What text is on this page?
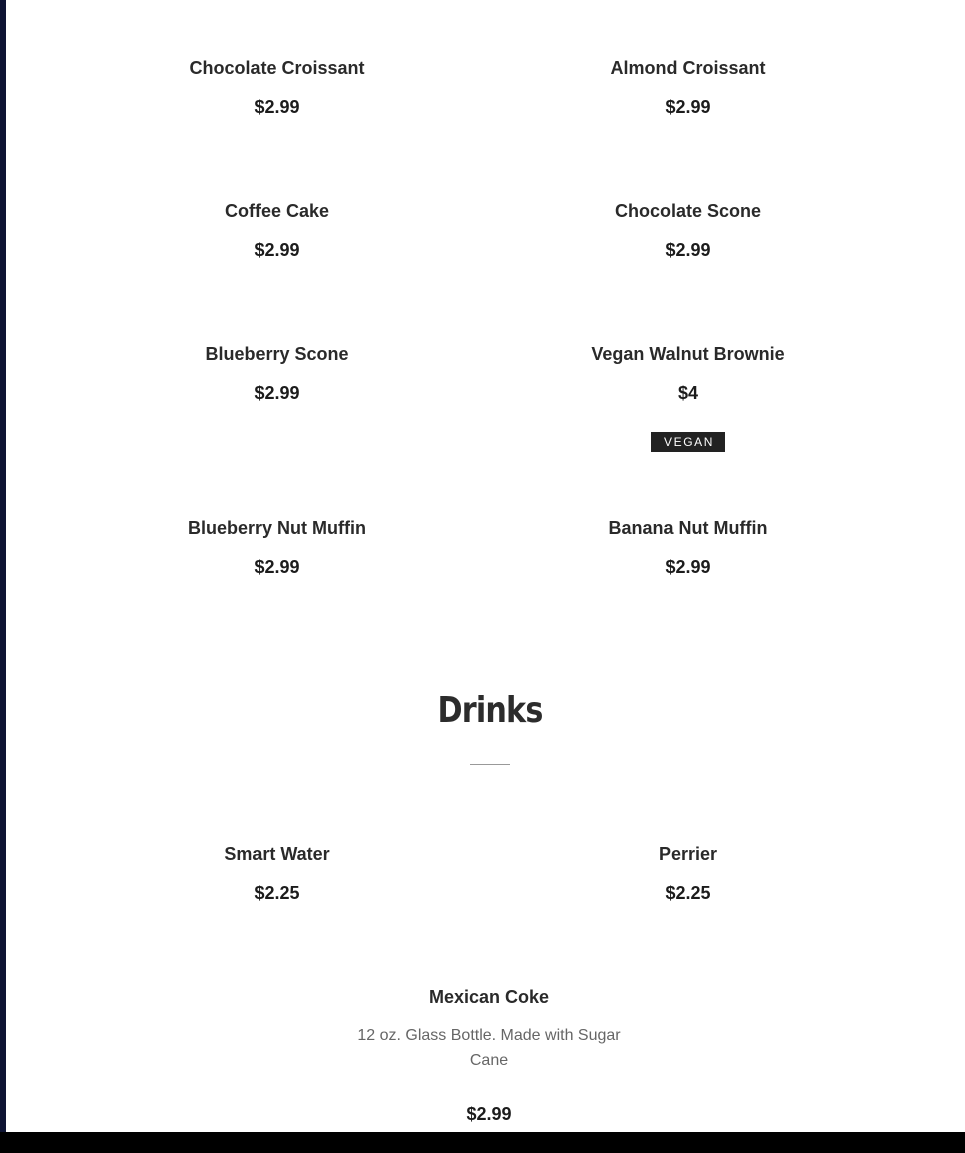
Chocolate Croissant
$2.99
Almond Croissant
$2.99
Coffee Cake
$2.99
Chocolate Scone
$2.99
Blueberry Scone
$2.99
Vegan Walnut Brownie
$4
VEGAN
Blueberry Nut Muffin
$2.99
Banana Nut Muffin
$2.99
Drinks
Smart Water
$2.25
Perrier
$2.25
Mexican Coke
12 oz. Glass Bottle. Made with Sugar Cane
$2.99
